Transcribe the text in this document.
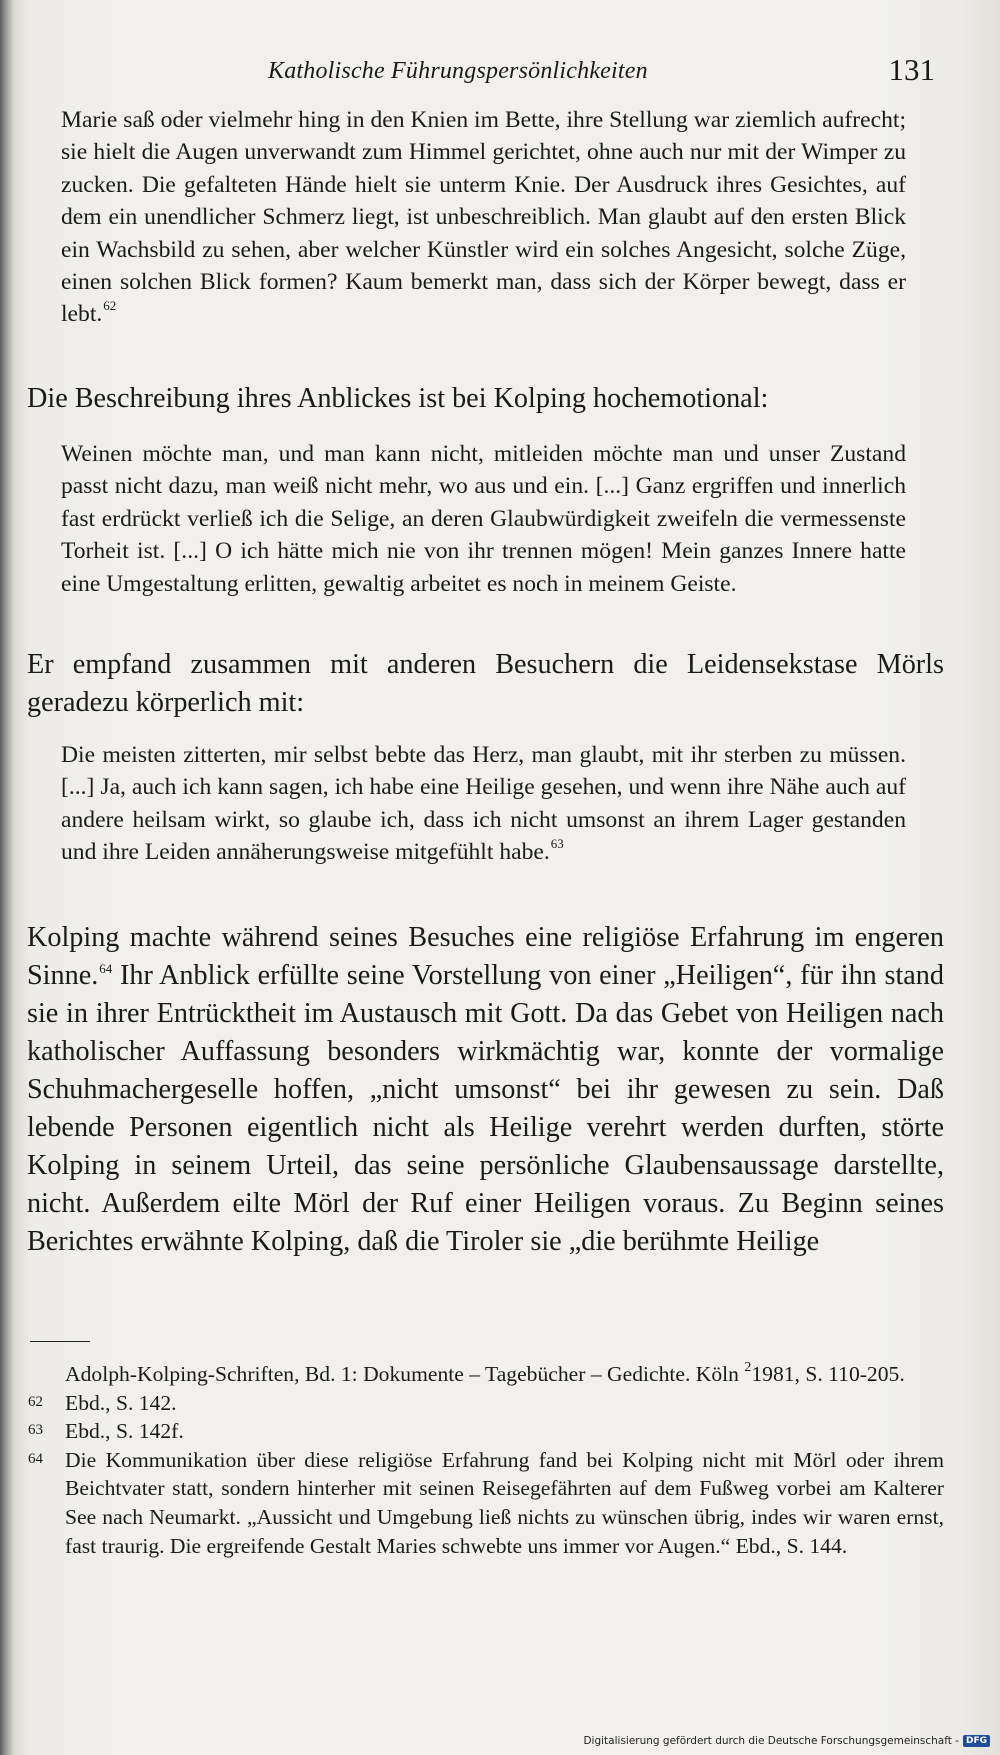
Katholische Führungspersönlichkeiten	131
Marie saß oder vielmehr hing in den Knien im Bette, ihre Stellung war ziemlich aufrecht; sie hielt die Augen unverwandt zum Himmel gerichtet, ohne auch nur mit der Wimper zu zucken. Die gefalteten Hände hielt sie unterm Knie. Der Ausdruck ihres Gesichtes, auf dem ein unendlicher Schmerz liegt, ist unbeschreiblich. Man glaubt auf den ersten Blick ein Wachsbild zu sehen, aber welcher Künstler wird ein solches Angesicht, solche Züge, einen solchen Blick formen? Kaum bemerkt man, dass sich der Körper bewegt, dass er lebt.$^{62}$
Die Beschreibung ihres Anblickes ist bei Kolping hochemotional:
Weinen möchte man, und man kann nicht, mitleiden möchte man und unser Zustand passt nicht dazu, man weiß nicht mehr, wo aus und ein. [...] Ganz ergriffen und innerlich fast erdrückt verließ ich die Selige, an deren Glaubwürdigkeit zweifeln die vermessenste Torheit ist. [...] O ich hätte mich nie von ihr trennen mögen! Mein ganzes Innere hatte eine Umgestaltung erlitten, gewaltig arbeitet es noch in meinem Geiste.
Er empfand zusammen mit anderen Besuchern die Leidensekstase Mörls geradezu körperlich mit:
Die meisten zitterten, mir selbst bebte das Herz, man glaubt, mit ihr sterben zu müssen. [...] Ja, auch ich kann sagen, ich habe eine Heilige gesehen, und wenn ihre Nähe auch auf andere heilsam wirkt, so glaube ich, dass ich nicht umsonst an ihrem Lager gestanden und ihre Leiden annäherungsweise mitgefühlt habe.$^{63}$
Kolping machte während seines Besuches eine religiöse Erfahrung im engeren Sinne.$^{64}$ Ihr Anblick erfüllte seine Vorstellung von einer „Heiligen“, für ihn stand sie in ihrer Entrücktheit im Austausch mit Gott. Da das Gebet von Heiligen nach katholischer Auffassung besonders wirkmächtig war, konnte der vormalige Schuhmachergeselle hoffen, „nicht umsonst“ bei ihr gewesen zu sein. Daß lebende Personen eigentlich nicht als Heilige verehrt werden durften, störte Kolping in seinem Urteil, das seine persönliche Glaubensaussage darstellte, nicht. Außerdem eilte Mörl der Ruf einer Heiligen voraus. Zu Beginn seines Berichtes erwähnte Kolping, daß die Tiroler sie „die berühmte Heilige
Adolph-Kolping-Schriften, Bd. 1: Dokumente – Tagebücher – Gedichte. Köln $^2$1981, S. 110-205.
62 Ebd., S. 142.
63 Ebd., S. 142f.
64 Die Kommunikation über diese religiöse Erfahrung fand bei Kolping nicht mit Mörl oder ihrem Beichtvater statt, sondern hinterher mit seinen Reisegefährten auf dem Fußweg vorbei am Kalterer See nach Neumarkt. „Aussicht und Umgebung ließ nichts zu wünschen übrig, indes wir waren ernst, fast traurig. Die ergreifende Gestalt Maries schwebte uns immer vor Augen.“ Ebd., S. 144.
Digitalisierung gefördert durch die Deutsche Forschungsgemeinschaft - DFG
